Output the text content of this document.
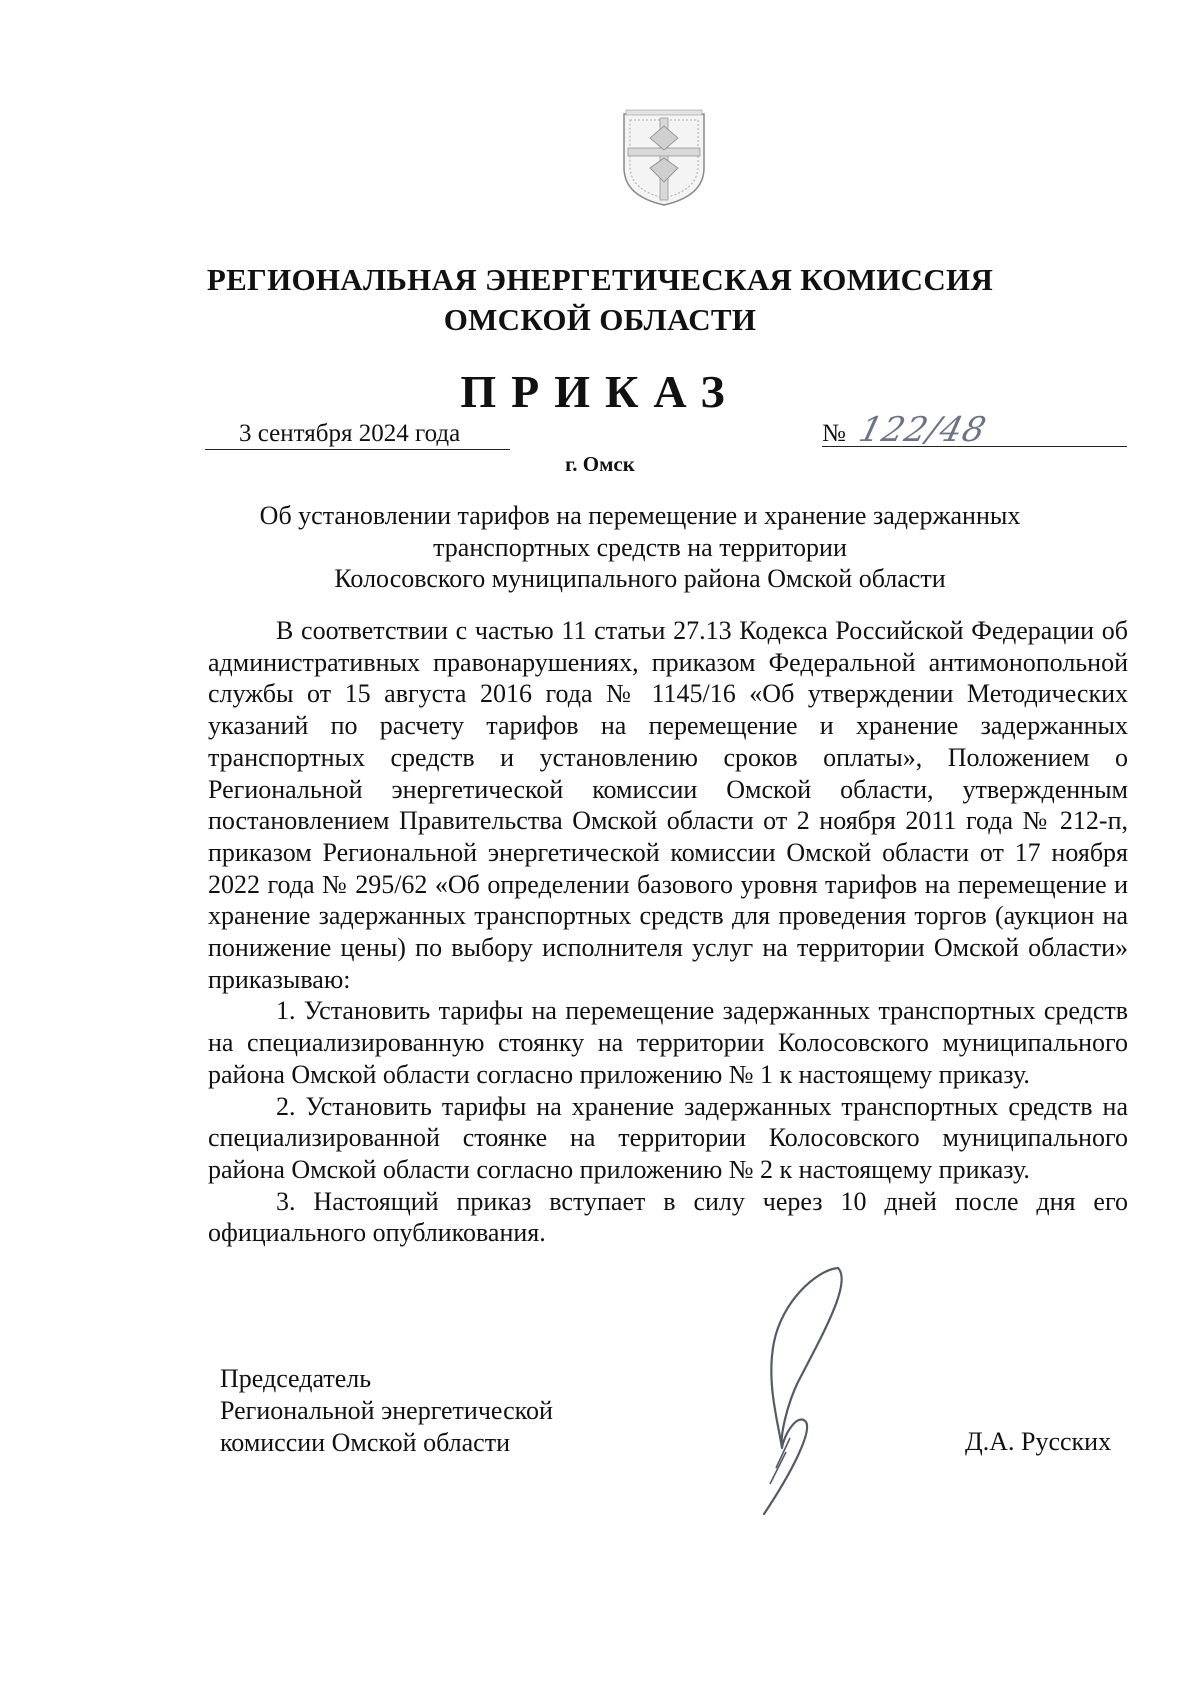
РЕГИОНАЛЬНАЯ ЭНЕРГЕТИЧЕСКАЯ КОМИССИЯ
ОМСКОЙ ОБЛАСТИ
ПРИКАЗ
3 сентября 2024 года	№ 122/48
г. Омск
Об установлении тарифов на перемещение и хранение задержанных
транспортных средств на территории
Колосовского муниципального района Омской области

В соответствии с частью 11 статьи 27.13 Кодекса Российской Федерации об административных правонарушениях, приказом Федеральной антимонопольной службы от 15 августа 2016 года № 1145/16 «Об утверждении Методических указаний по расчету тарифов на перемещение и хранение задержанных транспортных средств и установлению сроков оплаты», Положением о Региональной энергетической комиссии Омской области, утвержденным постановлением Правительства Омской области от 2 ноября 2011 года № 212-п, приказом Региональной энергетической комиссии Омской области от 17 ноября 2022 года № 295/62 «Об определении базового уровня тарифов на перемещение и хранение задержанных транспортных средств для проведения торгов (аукцион на понижение цены) по выбору исполнителя услуг на территории Омской области» приказываю:

1. Установить тарифы на перемещение задержанных транспортных средств на специализированную стоянку на территории Колосовского муниципального района Омской области согласно приложению № 1 к настоящему приказу.

2. Установить тарифы на хранение задержанных транспортных средств на специализированной стоянке на территории Колосовского муниципального района Омской области согласно приложению № 2 к настоящему приказу.

3. Настоящий приказ вступает в силу через 10 дней после дня его официального опубликования.

Председатель
Региональной энергетической
комиссии Омской области	Д.А. Русских
